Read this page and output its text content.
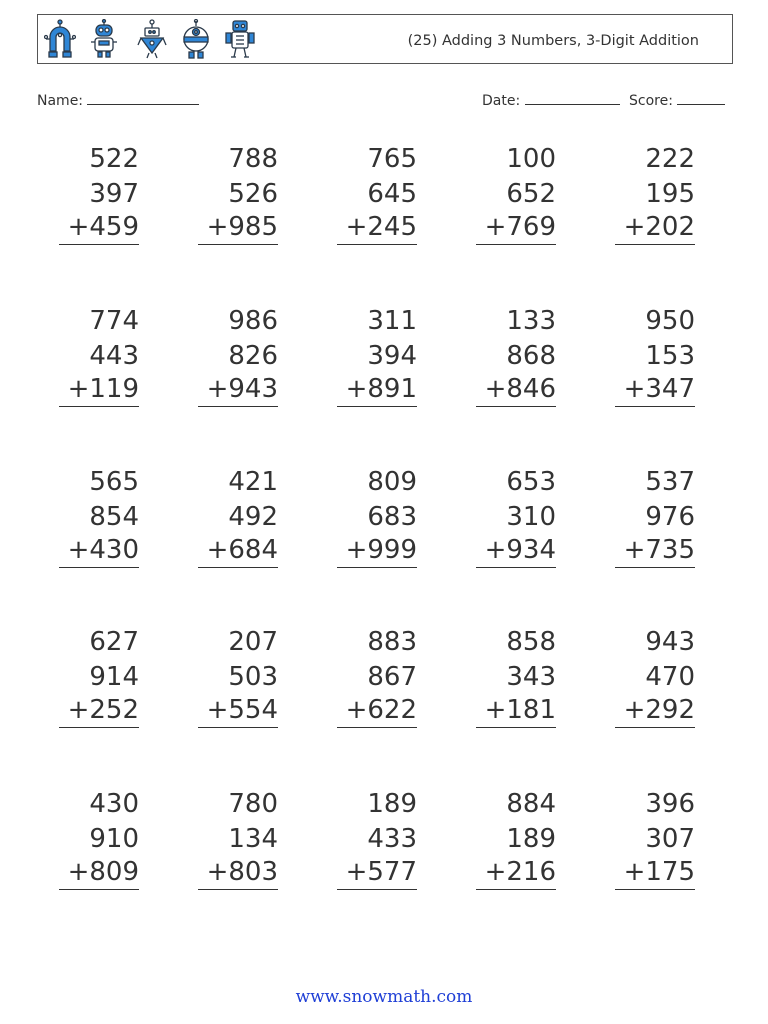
(25) Adding 3 Numbers, 3-Digit Addition
Name:	Date:	Score:
522
397
+459
788
526
+985
765
645
+245
100
652
+769
222
195
+202
774
443
+119
986
826
+943
311
394
+891
133
868
+846
950
153
+347
565
854
+430
421
492
+684
809
683
+999
653
310
+934
537
976
+735
627
914
+252
207
503
+554
883
867
+622
858
343
+181
943
470
+292
430
910
+809
780
134
+803
189
433
+577
884
189
+216
396
307
+175
www.snowmath.com
